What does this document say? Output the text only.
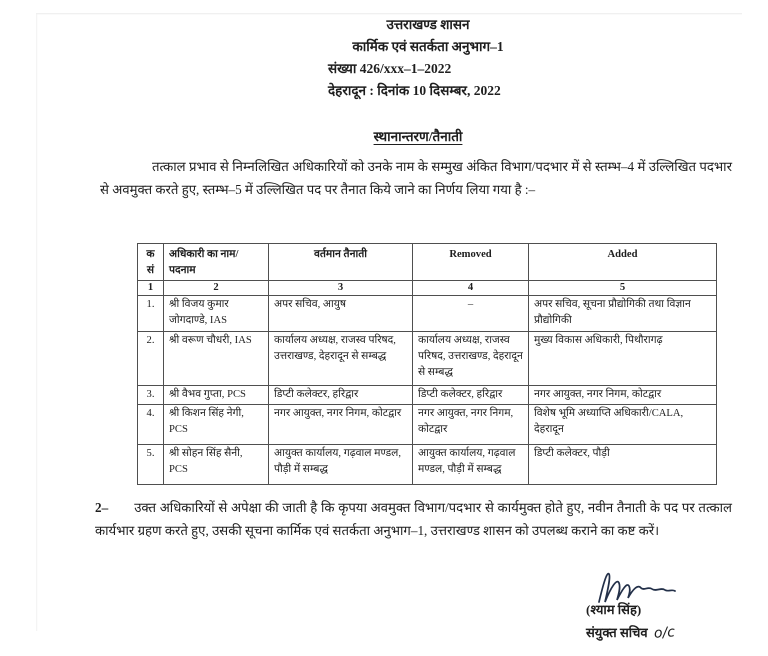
उत्तराखण्ड शासन
कार्मिक एवं सतर्कता अनुभाग–1
संख्या 426/xxx–1–2022
देहरादून : दिनांक 10 दिसम्बर, 2022
स्थानान्तरण/तैनाती
तत्काल प्रभाव से निम्नलिखित अधिकारियों को उनके नाम के सम्मुख अंकित विभाग/पदभार में से स्तम्भ–4 में उल्लिखित पदभार से अवमुक्त करते हुए, स्तम्भ–5 में उल्लिखित पद पर तैनात किये जाने का निर्णय लिया गया है :–
क
सं	अधिकारी का नाम/ पदनाम	वर्तमान तैनाती	Removed	Added
1	2	3	4	5
1.	श्री विजय कुमार जोगदाण्डे, IAS	अपर सचिव, आयुष	–	अपर सचिव, सूचना प्रौद्योगिकी तथा विज्ञान प्रौद्योगिकी
2.	श्री वरूण चौधरी, IAS	कार्यालय अध्यक्ष, राजस्व परिषद, उत्तराखण्ड, देहरादून से सम्बद्ध	कार्यालय अध्यक्ष, राजस्व परिषद, उत्तराखण्ड, देहरादून से सम्बद्ध	मुख्य विकास अधिकारी, पिथौरागढ़
3.	श्री वैभव गुप्ता, PCS	डिप्टी कलेक्टर, हरिद्वार	डिप्टी कलेक्टर, हरिद्वार	नगर आयुक्त, नगर निगम, कोटद्वार
4.	श्री किशन सिंह नेगी, PCS	नगर आयुक्त, नगर निगम, कोटद्वार	नगर आयुक्त, नगर निगम, कोटद्वार	विशेष भूमि अध्याप्ति अधिकारी/CALA, देहरादून
5.	श्री सोहन सिंह सैनी, PCS	आयुक्त कार्यालय, गढ़वाल मण्डल, पौड़ी में सम्बद्ध	आयुक्त कार्यालय, गढ़वाल मण्डल, पौड़ी में सम्बद्ध	डिप्टी कलेक्टर, पौड़ी
2– उक्त अधिकारियों से अपेक्षा की जाती है कि कृपया अवमुक्त विभाग/पदभार से कार्यमुक्त होते हुए, नवीन तैनाती के पद पर तत्काल कार्यभार ग्रहण करते हुए, उसकी सूचना कार्मिक एवं सतर्कता अनुभाग–1, उत्तराखण्ड शासन को उपलब्ध कराने का कष्ट करें।
(श्याम सिंह)
संयुक्त सचिव o/c
